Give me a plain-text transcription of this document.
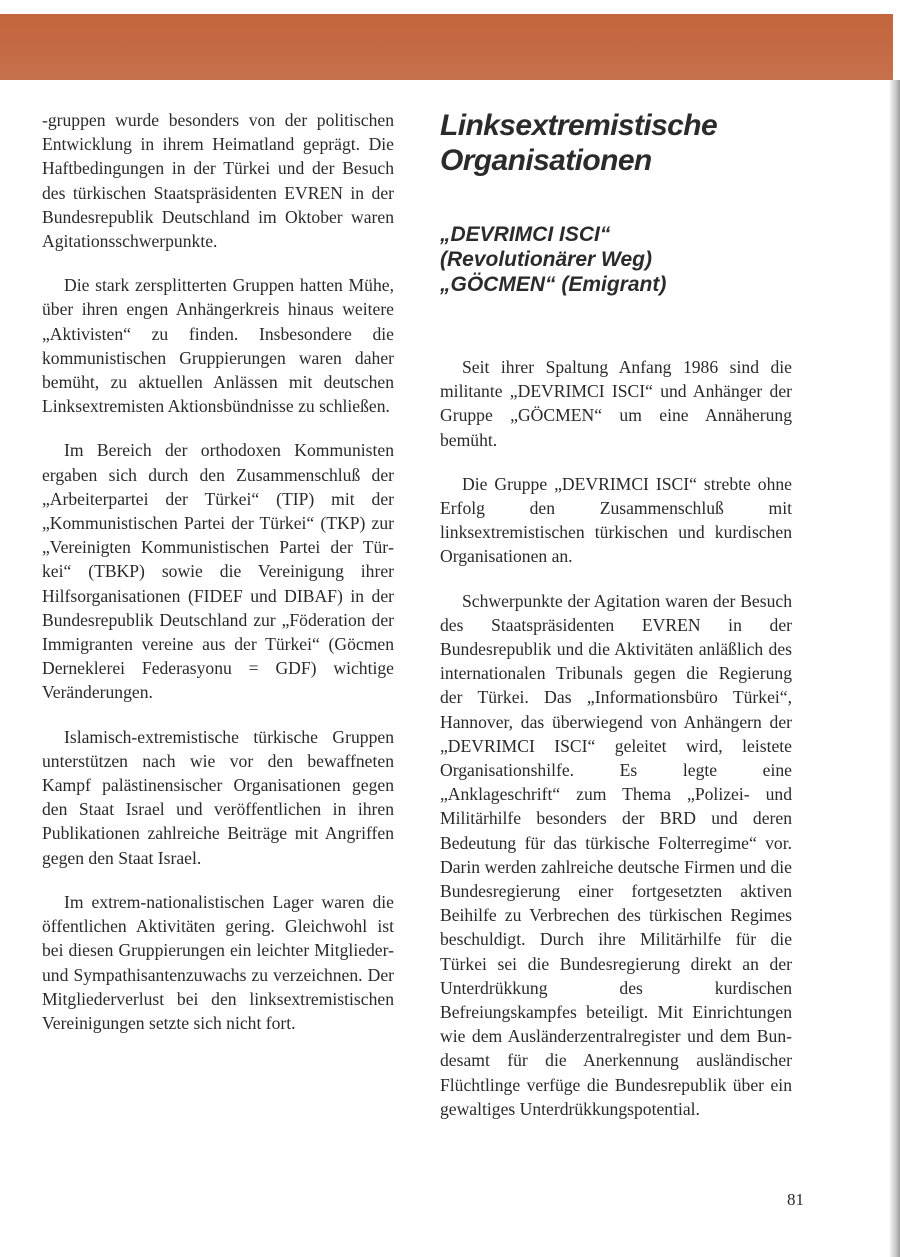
-gruppen wurde besonders von der politischen Entwicklung in ihrem Heimatland geprägt. Die Haftbedingungen in der Türkei und der Besuch des türkischen Staatspräsidenten EVREN in der Bundesrepublik Deutschland im Oktober waren Agitationsschwerpunkte.

Die stark zersplitterten Gruppen hatten Mühe, über ihren engen Anhängerkreis hinaus weitere „Aktivisten“ zu finden. Insbesondere die kommunistischen Gruppierungen waren daher bemüht, zu aktuellen Anlässen mit deutschen Linksextremisten Aktionsbündnisse zu schließen.

Im Bereich der orthodoxen Kommunisten ergaben sich durch den Zusammenschluß der „Arbeiterpartei der Türkei“ (TIP) mit der „Kommunistischen Partei der Türkei“ (TKP) zur „Vereinigten Kommunistischen Partei der Türkei“ (TBKP) sowie die Vereinigung ihrer Hilfsorganisationen (FIDEF und DIBAF) in der Bundesrepublik Deutschland zur „Föderation der Immigranten vereine aus der Türkei“ (Göcmen Derneklerei Federasyonu = GDF) wichtige Veränderungen.

Islamisch-extremistische türkische Gruppen unterstützen nach wie vor den bewaffneten Kampf palästinensischer Organisationen gegen den Staat Israel und veröffentlichen in ihren Publikationen zahlreiche Beiträge mit Angriffen gegen den Staat Israel.

Im extrem-nationalistischen Lager waren die öffentlichen Aktivitäten gering. Gleichwohl ist bei diesen Gruppierungen ein leichter Mitglieder- und Sympathisantenzuwachs zu verzeichnen. Der Mitgliederverlust bei den linksextremistischen Vereinigungen setzte sich nicht fort.

Linksextremistische Organisationen
„DEVRIMCI ISCI“
(Revolutionärer Weg)
„GÖCMEN“ (Emigrant)

Seit ihrer Spaltung Anfang 1986 sind die militante „DEVRIMCI ISCI“ und Anhänger der Gruppe „GÖCMEN“ um eine Annäherung bemüht.

Die Gruppe „DEVRIMCI ISCI“ strebte ohne Erfolg den Zusammenschluß mit linksextremistischen türkischen und kurdischen Organisationen an.

Schwerpunkte der Agitation waren der Besuch des Staatspräsidenten EVREN in der Bundesrepublik und die Aktivitäten anläßlich des internationalen Tribunals gegen die Regierung der Türkei. Das „Informationsbüro Türkei“, Hannover, das überwiegend von Anhängern der „DEVRIMCI ISCI“ geleitet wird, leistete Organisationshilfe. Es legte eine „Anklageschrift“ zum Thema „Polizei- und Militärhilfe besonders der BRD und deren Bedeutung für das türkische Folterregime“ vor. Darin werden zahlreiche deutsche Firmen und die Bundesregierung einer fortgesetzten aktiven Beihilfe zu Verbrechen des türkischen Regimes beschuldigt. Durch ihre Militärhilfe für die Türkei sei die Bundesregierung direkt an der Unterdrükkung des kurdischen Befreiungskampfes beteiligt. Mit Einrichtungen wie dem Ausländerzentralregister und dem Bundesamt für die Anerkennung ausländischer Flüchtlinge verfüge die Bundesrepublik über ein gewaltiges Unterdrükkungspotential.

81
